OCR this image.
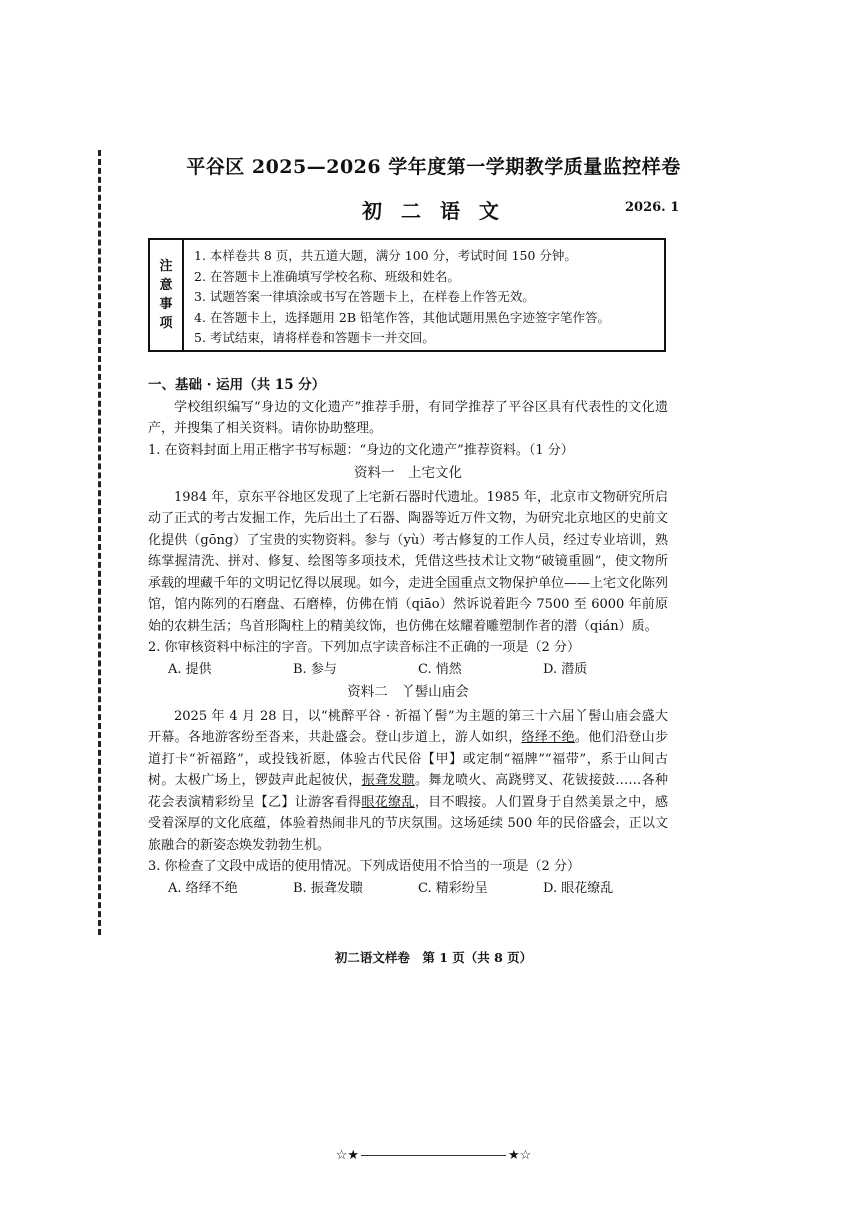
平谷区 2025—2026 学年度第一学期教学质量监控样卷
初 二 语 文	2026. 1
注
意
事
项
1. 本样卷共 8 页，共五道大题，满分 100 分，考试时间 150 分钟。
2. 在答题卡上准确填写学校名称、班级和姓名。
3. 试题答案一律填涂或书写在答题卡上，在样卷上作答无效。
4. 在答题卡上，选择题用 2B 铅笔作答，其他试题用黑色字迹签字笔作答。
5. 考试结束，请将样卷和答题卡一并交回。
一、基础 · 运用（共 15 分）
学校组织编写“身边的文化遗产”推荐手册，有同学推荐了平谷区具有代表性的文化遗产，并搜集了相关资料。请你协助整理。
1. 在资料封面上用正楷字书写标题：“身边的文化遗产”推荐资料。（1 分）
资料一　上宅文化
1984 年，京东平谷地区发现了上宅新石器时代遗址。1985 年，北京市文物研究所启动了正式的考古发掘工作，先后出土了石器、陶器等近万件文物，为研究北京地区的史前文化提供（gōng）了宝贵的实物资料。参与（yù）考古修复的工作人员，经过专业培训，熟练掌握清洗、拼对、修复、绘图等多项技术，凭借这些技术让文物“破镜重圆”，使文物所承载的埋藏千年的文明记忆得以展现。如今，走进全国重点文物保护单位——上宅文化陈列馆，馆内陈列的石磨盘、石磨棒，仿佛在悄（qiāo）然诉说着距今 7500 至 6000 年前原始的农耕生活；鸟首形陶柱上的精美纹饰，也仿佛在炫耀着雕塑制作者的潜（qián）质。
2. 你审核资料中标注的字音。下列加点字读音标注不正确的一项是（2 分）
A. 提供	B. 参与	C. 悄然	D. 潜质
资料二　丫髻山庙会
2025 年 4 月 28 日，以“桃醉平谷 · 祈福丫髻”为主题的第三十六届丫髻山庙会盛大开幕。各地游客纷至沓来，共赴盛会。登山步道上，游人如织，络绎不绝。他们沿登山步道打卡“祈福路”，或投钱祈愿，体验古代民俗【甲】或定制“福牌”“福带”，系于山间古树。太极广场上，锣鼓声此起彼伏，振聋发聩。舞龙喷火、高跷劈叉、花钹接鼓……各种花会表演精彩纷呈【乙】让游客看得眼花缭乱，目不暇接。人们置身于自然美景之中，感受着深厚的文化底蕴，体验着热闹非凡的节庆氛围。这场延续 500 年的民俗盛会，正以文旅融合的新姿态焕发勃勃生机。
3. 你检查了文段中成语的使用情况。下列成语使用不恰当的一项是（2 分）
A. 络绎不绝	B. 振聋发聩	C. 精彩纷呈	D. 眼花缭乱
初二语文样卷　第 1 页（共 8 页）
☆★	★☆
